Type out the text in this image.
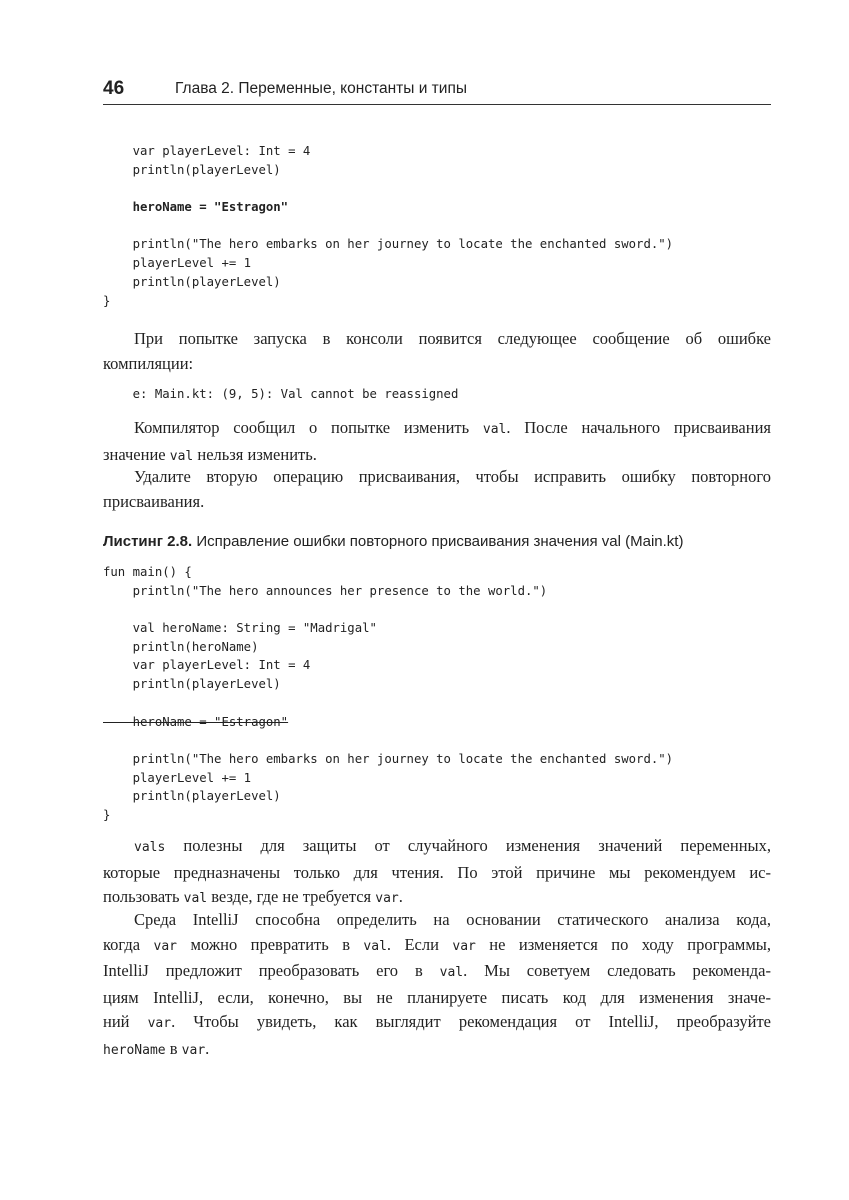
46	Глава 2. Переменные, константы и типы
var playerLevel: Int = 4
println(playerLevel)
heroName = "Estragon"
println("The hero embarks on her journey to locate the enchanted sword.")
playerLevel += 1
println(playerLevel)
}

При попытке запуска в консоли появится следующее сообщение об ошибке
компиляции:

e: Main.kt: (9, 5): Val cannot be reassigned

Компилятор сообщил о попытке изменить val. После начального присваивания
значение val нельзя изменить.

Удалите вторую операцию присваивания, чтобы исправить ошибку повторного
присваивания.

Листинг 2.8. Исправление ошибки повторного присваивания значения val (Main.kt)
fun main() {
println("The hero announces her presence to the world.")
val heroName: String = "Madrigal"
println(heroName)
var playerLevel: Int = 4
println(playerLevel)
heroName = "Estragon"
println("The hero embarks on her journey to locate the enchanted sword.")
playerLevel += 1
println(playerLevel)
}

vals полезны для защиты от случайного изменения значений переменных,
которые предназначены только для чтения. По этой причине мы рекомендуем ис-
пользовать val везде, где не требуется var.

Среда IntelliJ способна определить на основании статического анализа кода,
когда var можно превратить в val. Если var не изменяется по ходу программы,
IntelliJ предложит преобразовать его в val. Мы советуем следовать рекоменда-
циям IntelliJ, если, конечно, вы не планируете писать код для изменения значе-
ний var. Чтобы увидеть, как выглядит рекомендация от IntelliJ, преобразуйте
heroName в var.
